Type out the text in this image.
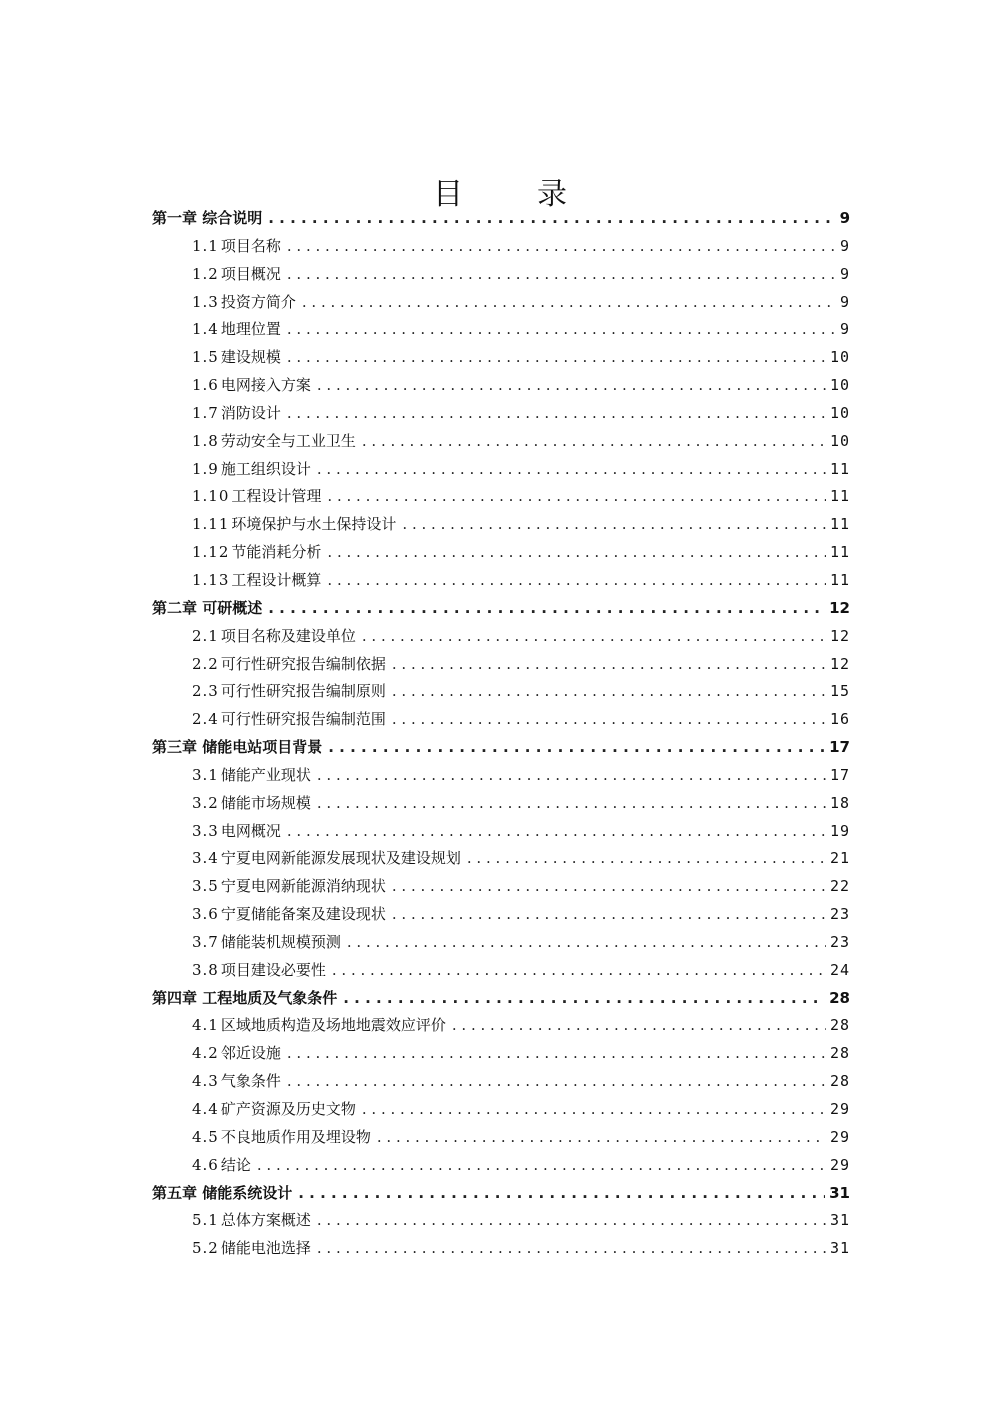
目　录
第一章 综合说明 . . .	9
1.1 项目名称 . . .	9
1.2 项目概况 . . .	9
1.3 投资方简介 . . .	9
1.4 地理位置 . . .	9
1.5 建设规模 . . .	10
1.6 电网接入方案 . . .	10
1.7 消防设计 . . .	10
1.8 劳动安全与工业卫生 . . .	10
1.9 施工组织设计 . . .	11
1.10 工程设计管理 . . .	11
1.11 环境保护与水土保持设计 . . .	11
1.12 节能消耗分析 . . .	11
1.13 工程设计概算 . . .	11
第二章 可研概述 . . .	12
2.1 项目名称及建设单位 . . .	12
2.2 可行性研究报告编制依据 . . .	12
2.3 可行性研究报告编制原则 . . .	15
2.4 可行性研究报告编制范围 . . .	16
第三章 储能电站项目背景 . . .	17
3.1 储能产业现状 . . .	17
3.2 储能市场规模 . . .	18
3.3 电网概况 . . .	19
3.4 宁夏电网新能源发展现状及建设规划 . . .	21
3.5 宁夏电网新能源消纳现状 . . .	22
3.6 宁夏储能备案及建设现状 . . .	23
3.7 储能装机规模预测 . . .	23
3.8 项目建设必要性 . . .	24
第四章 工程地质及气象条件 . . .	28
4.1 区域地质构造及场地地震效应评价 . . .	28
4.2 邻近设施 . . .	28
4.3 气象条件 . . .	28
4.4 矿产资源及历史文物 . . .	29
4.5 不良地质作用及埋设物 . . .	29
4.6 结论 . . .	29
第五章 储能系统设计 . . .	31
5.1 总体方案概述 . . .	31
5.2 储能电池选择 . . .	31
